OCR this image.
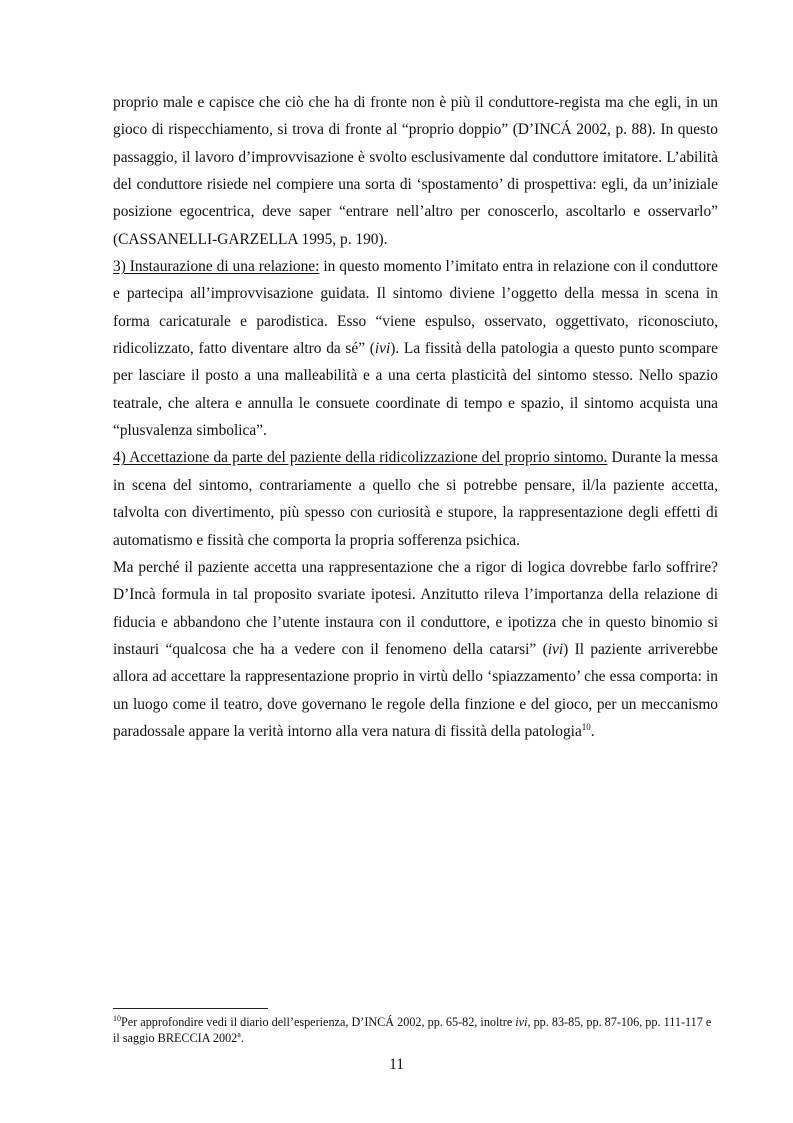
proprio male e capisce che ciò che ha di fronte non è più il conduttore-regista ma che egli, in un gioco di rispecchiamento, si trova di fronte al “proprio doppio” (D’INCÁ 2002, p. 88). In questo passaggio, il lavoro d’improvvisazione è svolto esclusivamente dal conduttore imitatore. L’abilità del conduttore risiede nel compiere una sorta di ‘spostamento’ di prospettiva: egli, da un’iniziale posizione egocentrica, deve saper “entrare nell’altro per conoscerlo, ascoltarlo e osservarlo” (CASSANELLI-GARZELLA 1995, p. 190).

3) Instaurazione di una relazione: in questo momento l’imitato entra in relazione con il conduttore e partecipa all’improvvisazione guidata. Il sintomo diviene l’oggetto della messa in scena in forma caricaturale e parodistica. Esso “viene espulso, osservato, oggettivato, riconosciuto, ridicolizzato, fatto diventare altro da sé” (ivi). La fissità della patologia a questo punto scompare per lasciare il posto a una malleabilità e a una certa plasticità del sintomo stesso. Nello spazio teatrale, che altera e annulla le consuete coordinate di tempo e spazio, il sintomo acquista una “plusvalenza simbolica”.

4) Accettazione da parte del paziente della ridicolizzazione del proprio sintomo. Durante la messa in scena del sintomo, contrariamente a quello che si potrebbe pensare, il/la paziente accetta, talvolta con divertimento, più spesso con curiosità e stupore, la rappresentazione degli effetti di automatismo e fissità che comporta la propria sofferenza psichica.

Ma perché il paziente accetta una rappresentazione che a rigor di logica dovrebbe farlo soffrire? D’Incà formula in tal proposito svariate ipotesi. Anzitutto rileva l’importanza della relazione di fiducia e abbandono che l’utente instaura con il conduttore, e ipotizza che in questo binomio si instauri “qualcosa che ha a vedere con il fenomeno della catarsi” (ivi) Il paziente arriverebbe allora ad accettare la rappresentazione proprio in virtù dello ‘spiazzamento’ che essa comporta: in un luogo come il teatro, dove governano le regole della finzione e del gioco, per un meccanismo paradossale appare la verità intorno alla vera natura di fissità della patologia$^{10}$.

$^{10}$Per approfondire vedi il diario dell’esperienza, D’INCÁ 2002, pp. 65-82, inoltre ivi, pp. 83-85, pp. 87-106, pp. 111-117 e il saggio BRECCIA 2002$^a$.
11
